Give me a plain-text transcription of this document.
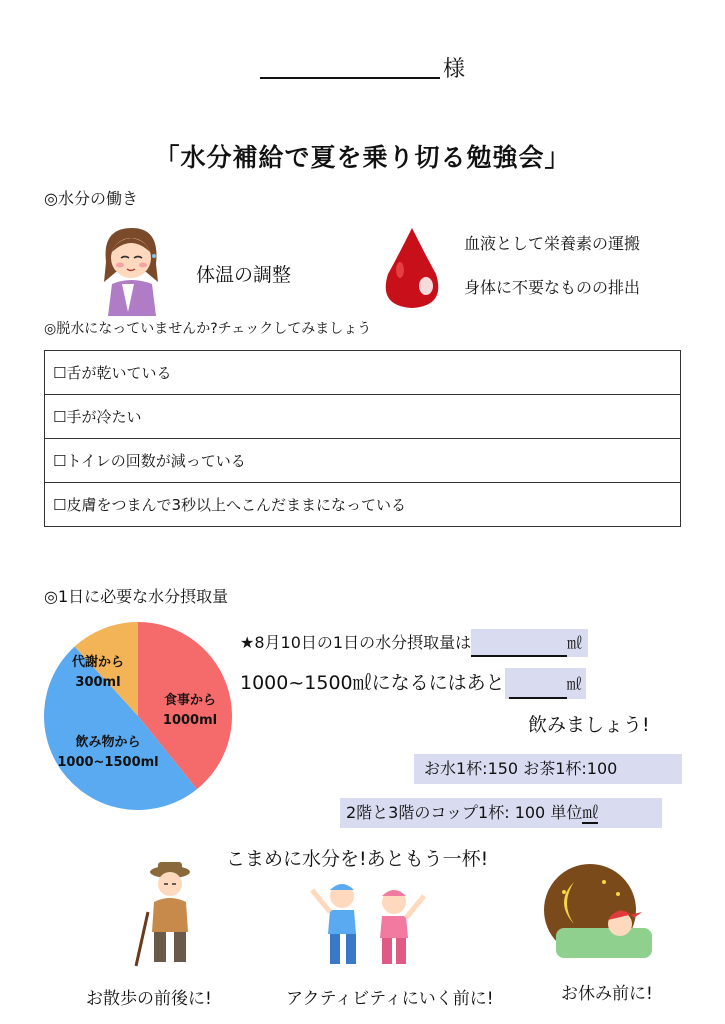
様
「水分補給で夏を乗り切る勉強会」
◎水分の働き
体温の調整
血液として栄養素の運搬
身体に不要なものの排出
◎脱水になっていませんか?チェックしてみましょう
☐舌が乾いている
☐手が冷たい
☐トイレの回数が減っている
☐皮膚をつまんで3秒以上へこんだままになっている
◎1日に必要な水分摂取量
食事から
1000ml
飲み物から
1000~1500ml
代謝から
300ml
★8月10日の1日の水分摂取量は	㎖
1000~1500㎖になるにはあと	㎖
飲みましょう!
お水1杯:150 お茶1杯:100
2階と3階のコップ1杯: 100 単位㎖
こまめに水分を!あともう一杯!
お散歩の前後に!	アクティビティにいく前に!	お休み前に!
